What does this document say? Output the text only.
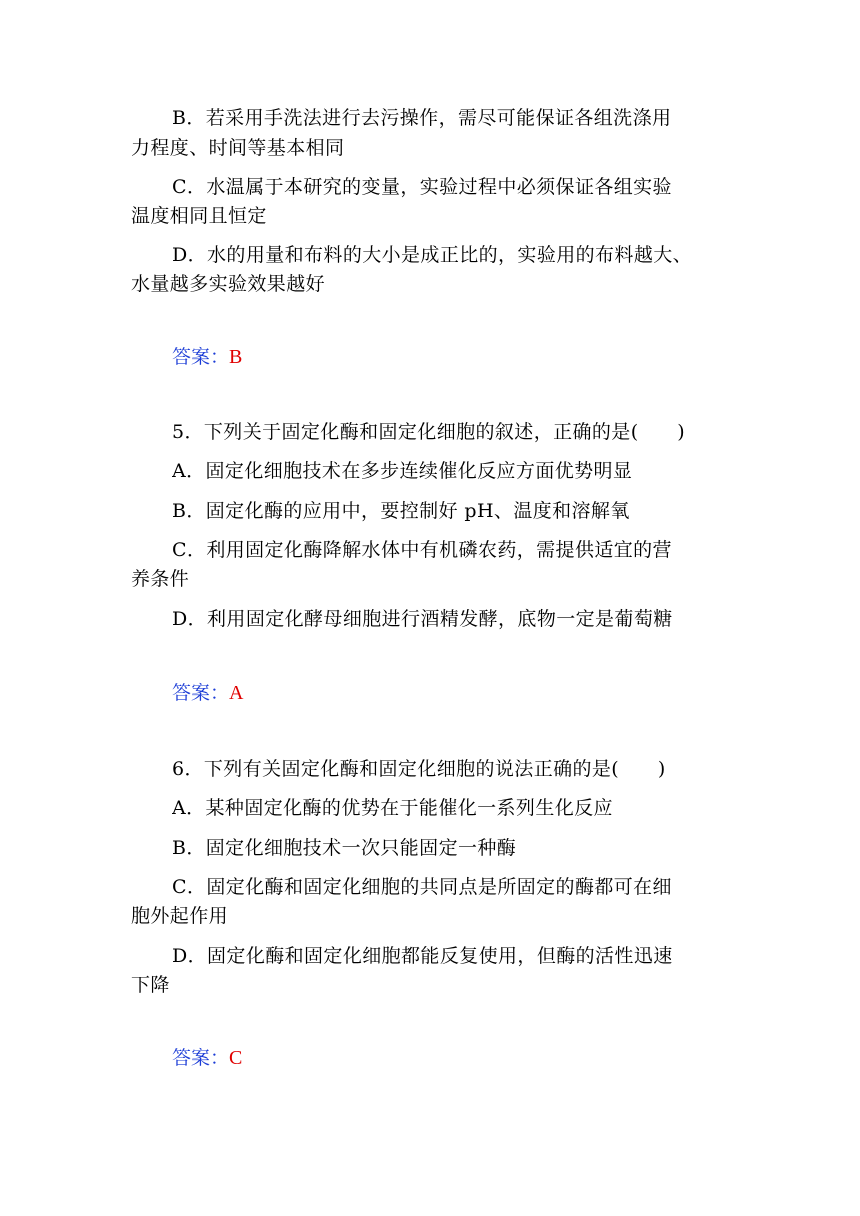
B．若采用手洗法进行去污操作，需尽可能保证各组洗涤用
力程度、时间等基本相同
C．水温属于本研究的变量，实验过程中必须保证各组实验
温度相同且恒定
D．水的用量和布料的大小是成正比的，实验用的布料越大、
水量越多实验效果越好
答案：B
5．下列关于固定化酶和固定化细胞的叙述，正确的是(　　)
A．固定化细胞技术在多步连续催化反应方面优势明显
B．固定化酶的应用中，要控制好 pH、温度和溶解氧
C．利用固定化酶降解水体中有机磷农药，需提供适宜的营
养条件
D．利用固定化酵母细胞进行酒精发酵，底物一定是葡萄糖
答案：A
6．下列有关固定化酶和固定化细胞的说法正确的是(　　)
A．某种固定化酶的优势在于能催化一系列生化反应
B．固定化细胞技术一次只能固定一种酶
C．固定化酶和固定化细胞的共同点是所固定的酶都可在细
胞外起作用
D．固定化酶和固定化细胞都能反复使用，但酶的活性迅速
下降
答案：C
